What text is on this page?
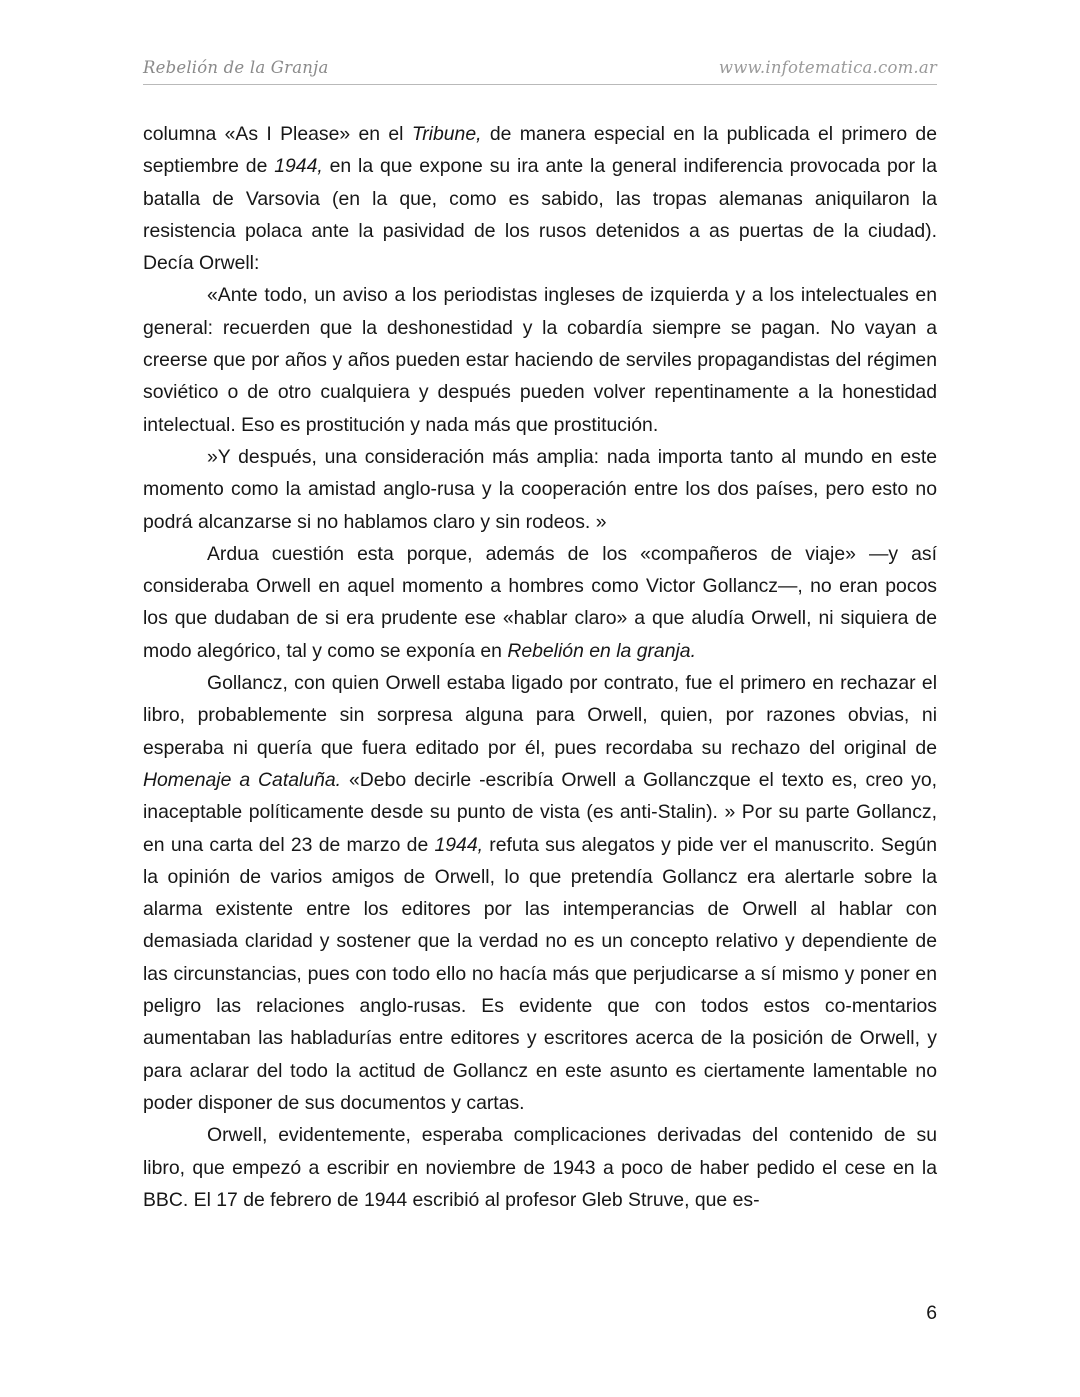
Rebelión de la Granja	www.infotematica.com.ar

columna «As I Please» en el Tribune, de manera especial en la publicada el primero de septiembre de 1944, en la que expone su ira ante la general indiferencia provocada por la batalla de Varsovia (en la que, como es sabido, las tropas alemanas aniquilaron la resistencia polaca ante la pasividad de los rusos detenidos a as puertas de la ciudad). Decía Orwell:

«Ante todo, un aviso a los periodistas ingleses de izquierda y a los intelectuales en general: recuerden que la deshonestidad y la cobardía siempre se pagan. No vayan a creerse que por años y años pueden estar haciendo de serviles propagandistas del régimen soviético o de otro cualquiera y después pueden volver repentinamente a la honestidad intelectual. Eso es prostitución y nada más que prostitución.

»Y después, una consideración más amplia: nada importa tanto al mundo en este momento como la amistad anglo-rusa y la cooperación entre los dos países, pero esto no podrá alcanzarse si no hablamos claro y sin rodeos. »

Ardua cuestión esta porque, además de los «compañeros de viaje» —y así consideraba Orwell en aquel momento a hombres como Victor Gollancz—, no eran pocos los que dudaban de si era prudente ese «hablar claro» a que aludía Orwell, ni siquiera de modo alegórico, tal y como se exponía en Rebelión en la granja.

Gollancz, con quien Orwell estaba ligado por contrato, fue el primero en rechazar el libro, probablemente sin sorpresa alguna para Orwell, quien, por razones obvias, ni esperaba ni quería que fuera editado por él, pues recordaba su rechazo del original de Homenaje a Cataluña. «Debo decirle -escribía Orwell a Gollanczque el texto es, creo yo, inaceptable políticamente desde su punto de vista (es anti-Stalin). » Por su parte Gollancz, en una carta del 23 de marzo de 1944, refuta sus alegatos y pide ver el manuscrito. Según la opinión de varios amigos de Orwell, lo que pretendía Gollancz era alertarle sobre la alarma existente entre los editores por las intemperancias de Orwell al hablar con demasiada claridad y sostener que la verdad no es un concepto relativo y dependiente de las circunstancias, pues con todo ello no hacía más que perjudicarse a sí mismo y poner en peligro las relaciones anglo-rusas. Es evidente que con todos estos co-mentarios aumentaban las habladurías entre editores y escritores acerca de la posición de Orwell, y para aclarar del todo la actitud de Gollancz en este asunto es ciertamente lamentable no poder disponer de sus documentos y cartas.

Orwell, evidentemente, esperaba complicaciones derivadas del contenido de su libro, que empezó a escribir en noviembre de 1943 a poco de haber pedido el cese en la BBC. El 17 de febrero de 1944 escribió al profesor Gleb Struve, que es-

6
